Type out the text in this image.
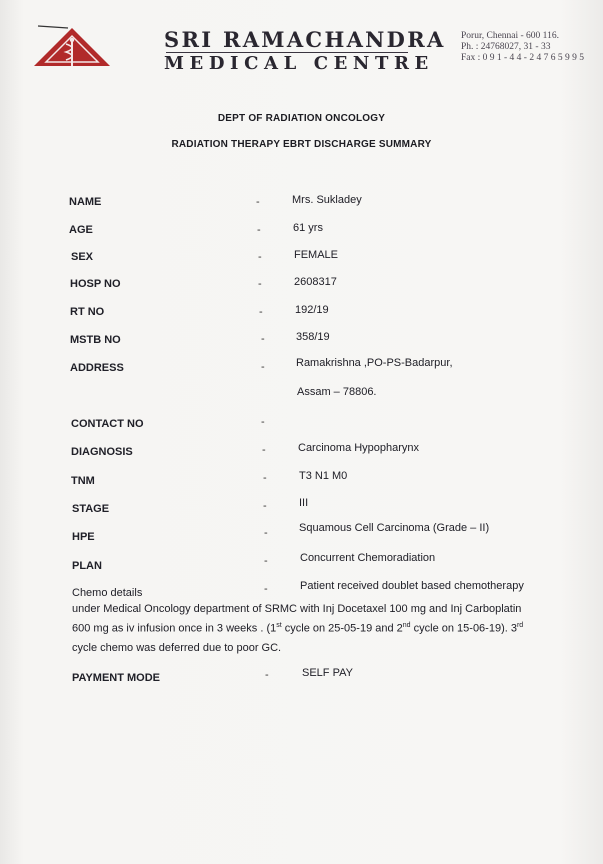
SRI RAMACHANDRA
MEDICAL CENTRE
Porur, Chennai - 600 116.
Ph. : 24768027, 31 - 33
Fax : 0 9 1 - 4 4 - 2 4 7 6 5 9 9 5
DEPT OF RADIATION ONCOLOGY
RADIATION THERAPY EBRT DISCHARGE SUMMARY
NAME	-	Mrs. Sukladey
AGE	-	61 yrs
SEX	-	FEMALE
HOSP NO	-	2608317
RT NO	-	192/19
MSTB NO	-	358/19
ADDRESS	-	Ramakrishna ,PO-PS-Badarpur,
Assam – 78806.
CONTACT NO	-
DIAGNOSIS	-	Carcinoma Hypopharynx
TNM	-	T3 N1 M0
STAGE	-	III
HPE	-	Squamous Cell Carcinoma (Grade – II)
PLAN	-	Concurrent Chemoradiation
Chemo details	-	Patient received doublet based chemotherapy
under Medical Oncology department of SRMC with Inj Docetaxel 100 mg and Inj Carboplatin
600 mg as iv infusion once in 3 weeks . (1st cycle on 25-05-19 and 2nd cycle on 15-06-19). 3rd
cycle chemo was deferred due to poor GC.
PAYMENT MODE	-	SELF PAY
